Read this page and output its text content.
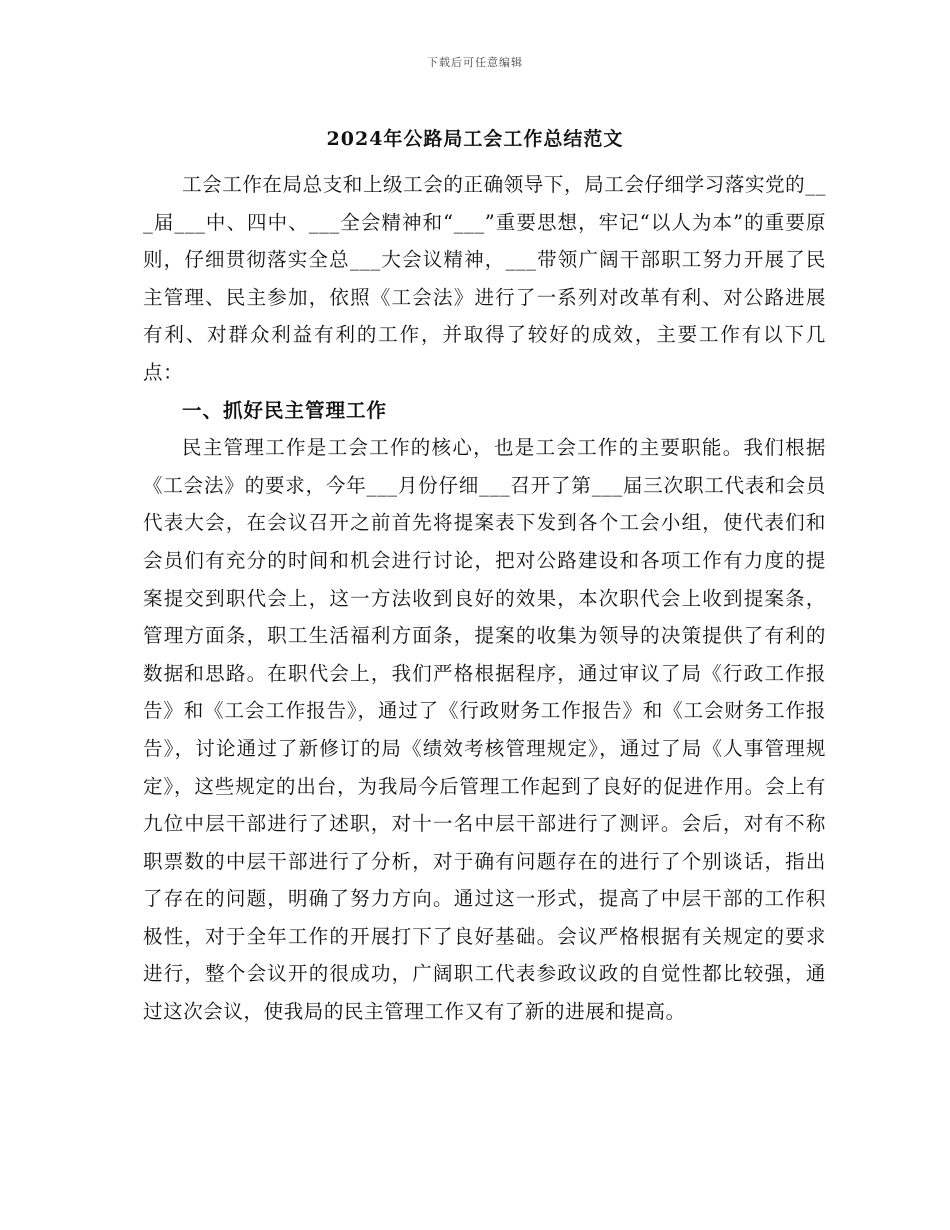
下载后可任意编辑
2024年公路局工会工作总结范文

工会工作在局总支和上级工会的正确领导下，局工会仔细学习落实党的___届___中、四中、___全会精神和“___”重要思想，牢记“以人为本”的重要原则，仔细贯彻落实全总___大会议精神，___带领广阔干部职工努力开展了民主管理、民主参加，依照《工会法》进行了一系列对改革有利、对公路进展有利、对群众利益有利的工作，并取得了较好的成效，主要工作有以下几点：

一、抓好民主管理工作

民主管理工作是工会工作的核心，也是工会工作的主要职能。我们根据《工会法》的要求，今年___月份仔细___召开了第___届三次职工代表和会员代表大会，在会议召开之前首先将提案表下发到各个工会小组，使代表们和会员们有充分的时间和机会进行讨论，把对公路建设和各项工作有力度的提案提交到职代会上，这一方法收到良好的效果，本次职代会上收到提案条，管理方面条，职工生活福利方面条，提案的收集为领导的决策提供了有利的数据和思路。在职代会上，我们严格根据程序，通过审议了局《行政工作报告》和《工会工作报告》，通过了《行政财务工作报告》和《工会财务工作报告》，讨论通过了新修订的局《绩效考核管理规定》，通过了局《人事管理规定》，这些规定的出台，为我局今后管理工作起到了良好的促进作用。会上有九位中层干部进行了述职，对十一名中层干部进行了测评。会后，对有不称职票数的中层干部进行了分析，对于确有问题存在的进行了个别谈话，指出了存在的问题，明确了努力方向。通过这一形式，提高了中层干部的工作积极性，对于全年工作的开展打下了良好基础。会议严格根据有关规定的要求进行，整个会议开的很成功，广阔职工代表参政议政的自觉性都比较强，通过这次会议，使我局的民主管理工作又有了新的进展和提高。
